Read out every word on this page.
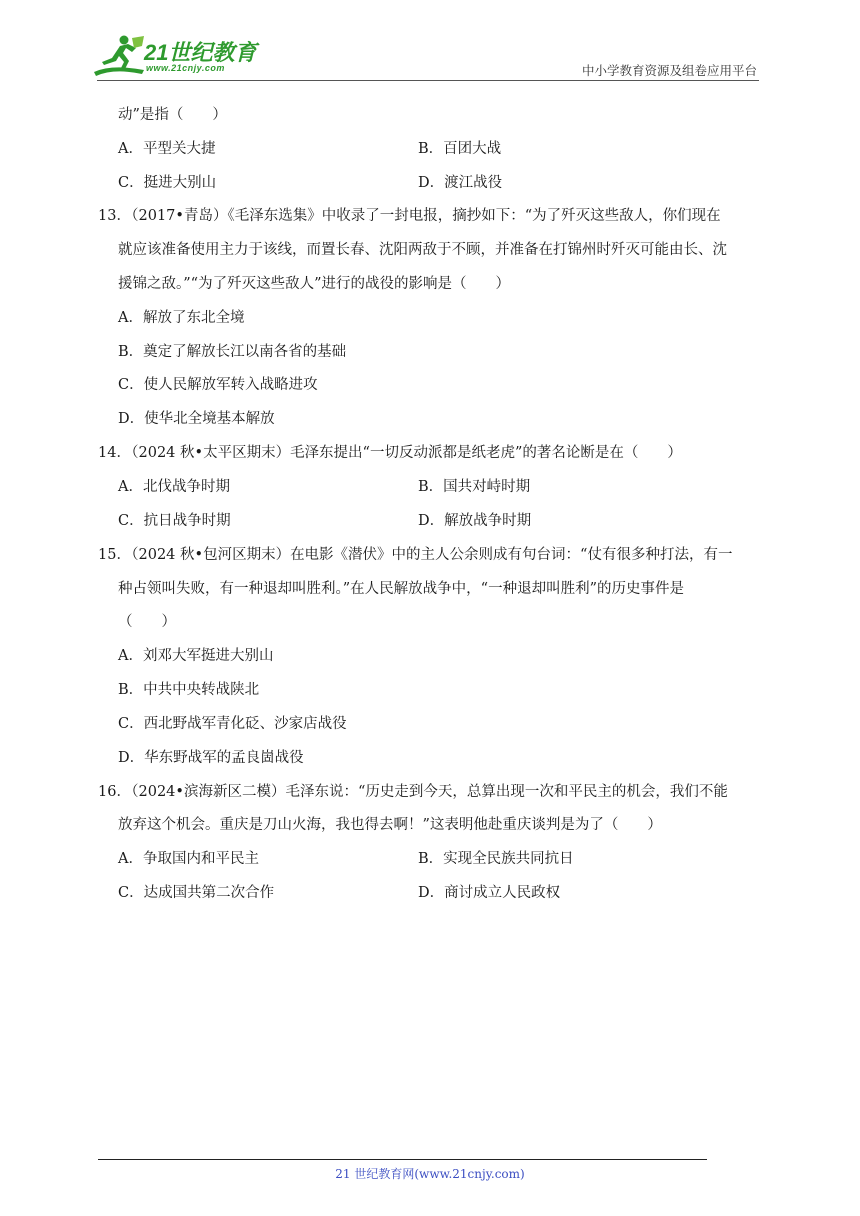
21世纪教育
www.21cnjy.com	中小学教育资源及组卷应用平台
动”是指（　　）
A．平型关大捷	B．百团大战
C．挺进大别山	D．渡江战役
13．
（2017•青岛）《毛泽东选集》中收录了一封电报，摘抄如下：“为了歼灭这些敌人，你们现在
就应该准备使用主力于该线，而置长春、沈阳两敌于不顾，并准备在打锦州时歼灭可能由长、沈
援锦之敌。”“为了歼灭这些敌人”进行的战役的影响是（　　）
A．解放了东北全境
B．奠定了解放长江以南各省的基础
C．使人民解放军转入战略进攻
D．使华北全境基本解放
14．
（2024 秋•太平区期末）毛泽东提出“一切反动派都是纸老虎”的著名论断是在（　　）
A．北伐战争时期	B．国共对峙时期
C．抗日战争时期	D．解放战争时期
15．
（2024 秋•包河区期末）在电影《潜伏》中的主人公余则成有句台词：“仗有很多种打法，有一
种占领叫失败，有一种退却叫胜利。”在人民解放战争中，“一种退却叫胜利”的历史事件是
（　　）
A．刘邓大军挺进大别山
B．中共中央转战陕北
C．西北野战军青化砭、沙家店战役
D．华东野战军的孟良崮战役
16．
（2024•滨海新区二模）毛泽东说：“历史走到今天，总算出现一次和平民主的机会，我们不能
放弃这个机会。重庆是刀山火海，我也得去啊！”这表明他赴重庆谈判是为了（　　）
A．争取国内和平民主	B．实现全民族共同抗日
C．达成国共第二次合作	D．商讨成立人民政权
21 世纪教育网(www.21cnjy.com)
